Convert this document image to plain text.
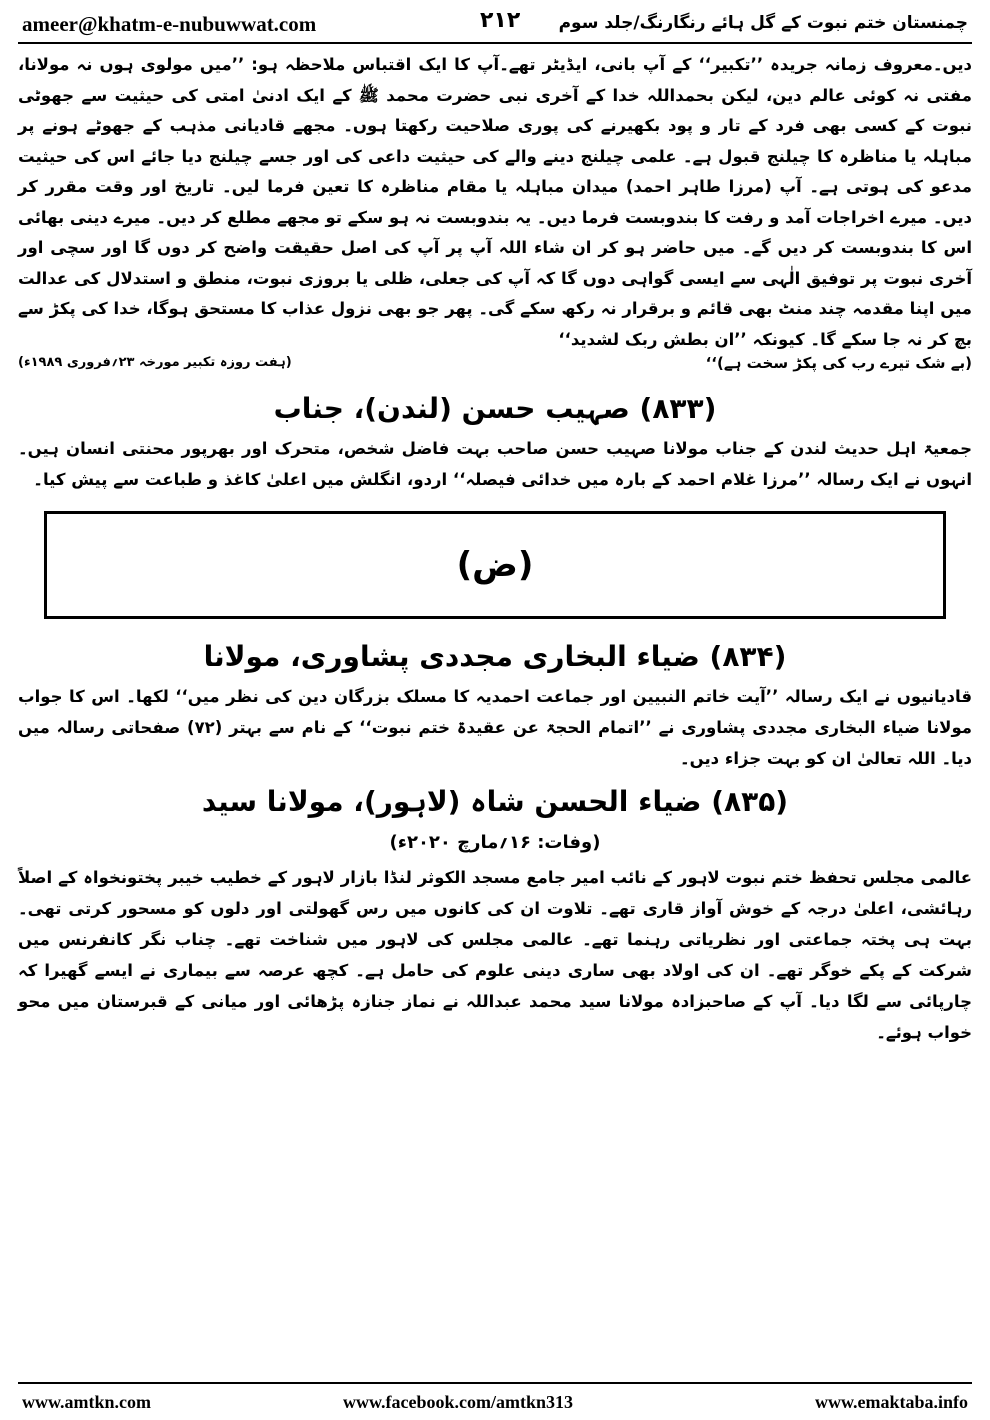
ameer@khatm-e-nubuwwat.com	۲۱۲ چمنستان ختم نبوت کے گل ہائے رنگارنگ/جلد سوم

دیں۔معروف زمانہ جریدہ ’’تکبیر‘‘ کے آپ بانی، ایڈیٹر تھے۔آپ کا ایک اقتباس ملاحظہ ہو: ’’میں مولوی ہوں نہ مولانا، مفتی نہ کوئی عالم دین، لیکن بحمداللہ خدا کے آخری نبی حضرت محمد ﷺ کے ایک ادنیٰ امتی کی حیثیت سے جھوٹی نبوت کے کسی بھی فرد کے تار و پود بکھیرنے کی پوری صلاحیت رکھتا ہوں۔ مجھے قادیانی مذہب کے جھوٹے ہونے پر مباہلہ یا مناظرہ کا چیلنج قبول ہے۔ علمی چیلنج دینے والے کی حیثیت داعی کی اور جسے چیلنج دیا جائے اس کی حیثیت مدعو کی ہوتی ہے۔ آپ (مرزا طاہر احمد) میدان مباہلہ یا مقام مناظرہ کا تعین فرما لیں۔ تاریخ اور وقت مقرر کر دیں۔ میرے اخراجات آمد و رفت کا بندوبست فرما دیں۔ یہ بندوبست نہ ہو سکے تو مجھے مطلع کر دیں۔ میرے دینی بھائی اس کا بندوبست کر دیں گے۔ میں حاضر ہو کر ان شاء اللہ آپ پر آپ کی اصل حقیقت واضح کر دوں گا اور سچی اور آخری نبوت پر توفیق الٰہی سے ایسی گواہی دوں گا کہ آپ کی جعلی، ظلی یا بروزی نبوت، منطق و استدلال کی عدالت میں اپنا مقدمہ چند منٹ بھی قائم و برقرار نہ رکھ سکے گی۔ پھر جو بھی نزول عذاب کا مستحق ہوگا، خدا کی پکڑ سے بچ کر نہ جا سکے گا۔ کیونکہ ’’ان بطش ربک لشدید‘‘

(بے شک تیرے رب کی پکڑ سخت ہے)‘‘
(ہفت روزہ تکبیر مورخہ ۲۳؍فروری ۱۹۸۹ء)
(۸۳۳) صہیب حسن (لندن)، جناب

جمعیۃ اہل حدیث لندن کے جناب مولانا صہیب حسن صاحب بہت فاضل شخص، متحرک اور بھرپور محنتی انسان ہیں۔ انہوں نے ایک رسالہ ’’مرزا غلام احمد کے بارہ میں خدائی فیصلہ‘‘ اردو، انگلش میں اعلیٰ کاغذ و طباعت سے پیش کیا۔

(ض)
(۸۳۴) ضیاء البخاری مجددی پشاوری، مولانا

قادیانیوں نے ایک رسالہ ’’آیت خاتم النبیین اور جماعت احمدیہ کا مسلک بزرگان دین کی نظر میں‘‘ لکھا۔ اس کا جواب مولانا ضیاء البخاری مجددی پشاوری نے ’’اتمام الحجۃ عن عقیدۃ ختم نبوت‘‘ کے نام سے بہتر (۷۲) صفحاتی رسالہ میں دیا۔ اللہ تعالیٰ ان کو بہت جزاء دیں۔

(۸۳۵) ضیاء الحسن شاہ (لاہور)، مولانا سید
(وفات: ۱۶؍مارچ ۲۰۲۰ء)

عالمی مجلس تحفظ ختم نبوت لاہور کے نائب امیر جامع مسجد الکوثر لنڈا بازار لاہور کے خطیب خیبر پختونخواہ کے اصلاً رہائشی، اعلیٰ درجہ کے خوش آواز قاری تھے۔ تلاوت ان کی کانوں میں رس گھولتی اور دلوں کو مسحور کرتی تھی۔ بہت ہی پختہ جماعتی اور نظریاتی رہنما تھے۔ عالمی مجلس کی لاہور میں شناخت تھے۔ چناب نگر کانفرنس میں شرکت کے پکے خوگر تھے۔ ان کی اولاد بھی ساری دینی علوم کی حامل ہے۔ کچھ عرصہ سے بیماری نے ایسے گھیرا کہ چارپائی سے لگا دیا۔ آپ کے صاحبزادہ مولانا سید محمد عبداللہ نے نماز جنازہ پڑھائی اور میانی کے قبرستان میں محو خواب ہوئے۔

www.amtkn.com	www.facebook.com/amtkn313	www.emaktaba.info
